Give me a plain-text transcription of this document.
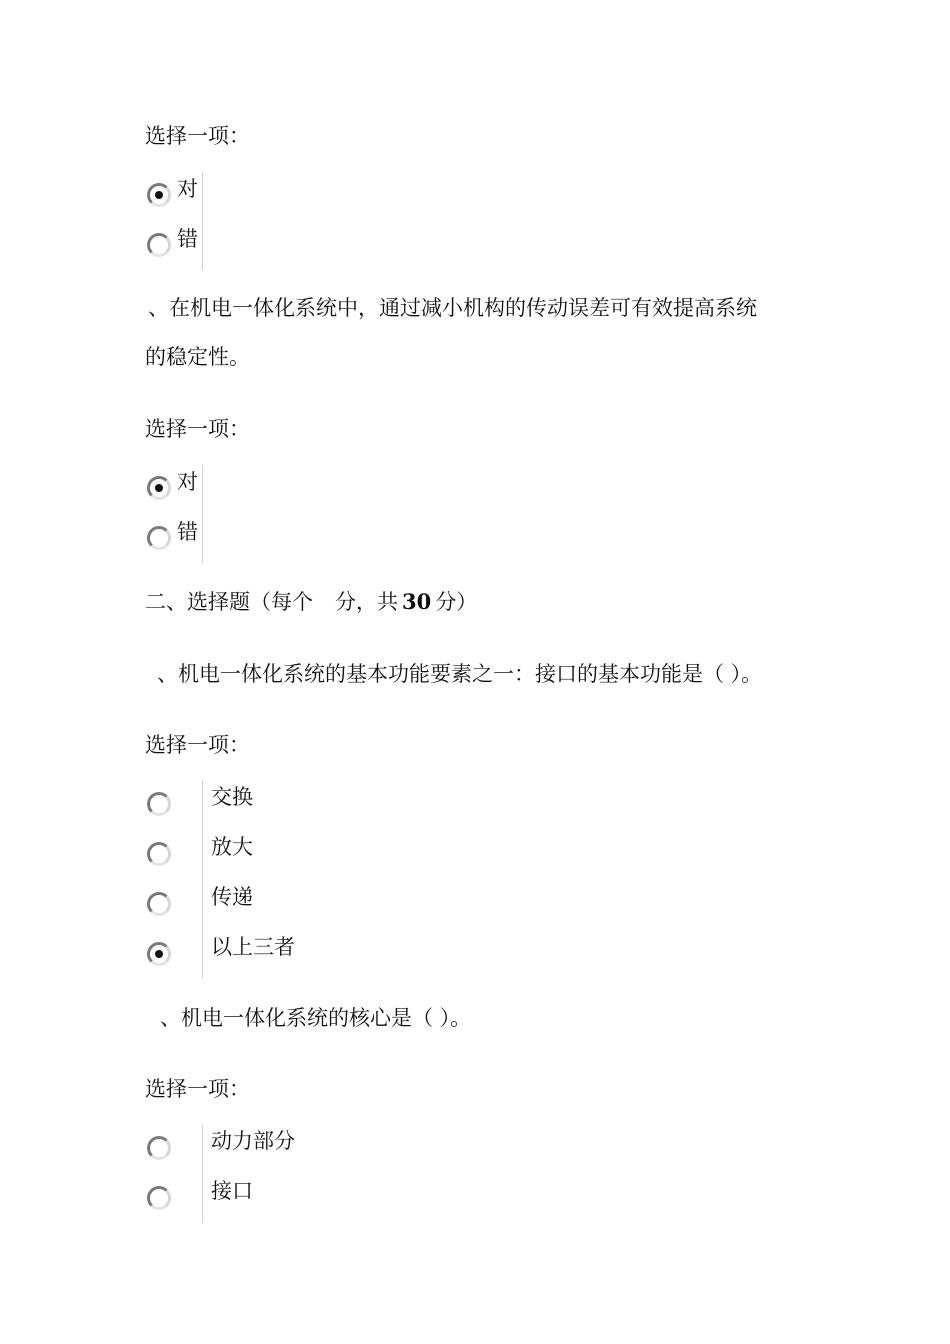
选择一项：
对
错
、在机电一体化系统中，通过减小机构的传动误差可有效提高系统
的稳定性。
选择一项：
对
错
二、选择题（每个 分，共 30 分）
、机电一体化系统的基本功能要素之一：接口的基本功能是（ ）。
选择一项：
交换
放大
传递
以上三者
、机电一体化系统的核心是（ ）。
选择一项：
动力部分
接口
